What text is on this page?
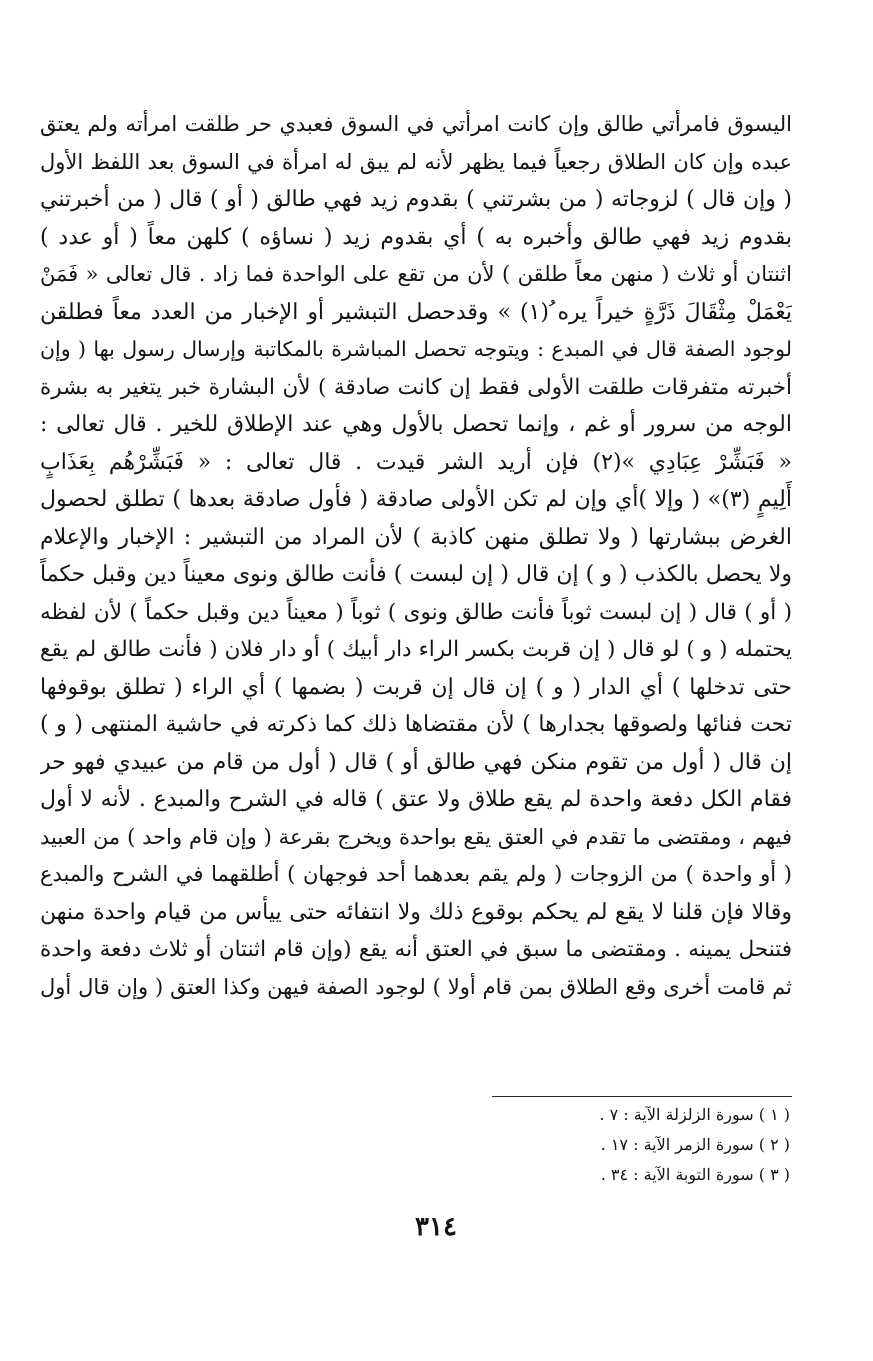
اليسوق فامرأتي طالق وإن كانت امرأتي في السوق فعبدي حر طلقت امرأته ولم يعتق
عبده وإن كان الطلاق رجعياً فيما يظهر لأنه لم يبق له امرأة في السوق بعد اللفظ الأول
( وإن قال ) لزوجاته ( من بشرتني ) بقدوم زيد فهي طالق ( أو ) قال ( من أخبرتني
بقدوم زيد فهي طالق وأخبره به ) أي بقدوم زيد ( نساؤه ) كلهن معاً ( أو عدد )
اثنتان أو ثلاث ( منهن معاً طلقن ) لأن من تقع على الواحدة فما زاد . قال تعالى « فَمَنْ
يَعْمَلْ مِثْقَالَ ذَرَّةٍ خيراً يره ُ(١) » وقدحصل التبشير أو الإخبار من العدد معاً فطلقن
لوجود الصفة قال في المبدع : ويتوجه تحصل المباشرة بالمكاتبة وإرسال رسول بها ( وإن
أخبرته متفرقات طلقت الأولى فقط إن كانت صادقة ) لأن البشارة خبر يتغير به بشرة
الوجه من سرور أو غم ، وإنما تحصل بالأول وهي عند الإطلاق للخير . قال تعالى :
« فَبَشِّرْ عِبَادِي »(٢) فإن أريد الشر قيدت . قال تعالى : « فَبَشِّرْهُم بِعَذَابٍ
أَلِيمٍ (٣)» ( وإلا )أي وإن لم تكن الأولى صادقة ( فأول صادقة بعدها ) تطلق لحصول
الغرض ببشارتها ( ولا تطلق منهن كاذبة ) لأن المراد من التبشير : الإخبار والإعلام
ولا يحصل بالكذب ( و ) إن قال ( إن لبست ) فأنت طالق ونوى معيناً دين وقبل حكماً
( أو ) قال ( إن لبست ثوباً فأنت طالق ونوى ) ثوباً ( معيناً دين وقبل حكماً ) لأن لفظه
يحتمله ( و ) لو قال ( إن قربت بكسر الراء دار أبيك ) أو دار فلان ( فأنت طالق لم يقع
حتى تدخلها ) أي الدار ( و ) إن قال إن قربت ( بضمها ) أي الراء ( تطلق بوقوفها
تحت فنائها ولصوقها بجدارها ) لأن مقتضاها ذلك كما ذكرته في حاشية المنتهى ( و )
إن قال ( أول من تقوم منكن فهي طالق أو ) قال ( أول من قام من عبيدي فهو حر
فقام الكل دفعة واحدة لم يقع طلاق ولا عتق ) قاله في الشرح والمبدع . لأنه لا أول
فيهم ، ومقتضى ما تقدم في العتق يقع بواحدة ويخرج بقرعة ( وإن قام واحد ) من العبيد
( أو واحدة ) من الزوجات ( ولم يقم بعدهما أحد فوجهان ) أطلقهما في الشرح والمبدع
وقالا فإن قلنا لا يقع لم يحكم بوقوع ذلك ولا انتفائه حتى ييأس من قيام واحدة منهن
فتنحل يمينه . ومقتضى ما سبق في العتق أنه يقع (وإن قام اثنتان أو ثلاث دفعة واحدة
ثم قامت أخرى وقع الطلاق بمن قام أولا ) لوجود الصفة فيهن وكذا العتق ( وإن قال أول
( ١ ) سورة الزلزلة الآية : ٧ .
( ٢ ) سورة الزمر الآية : ١٧ .
( ٣ ) سورة التوبة الآية : ٣٤ .
٣١٤
